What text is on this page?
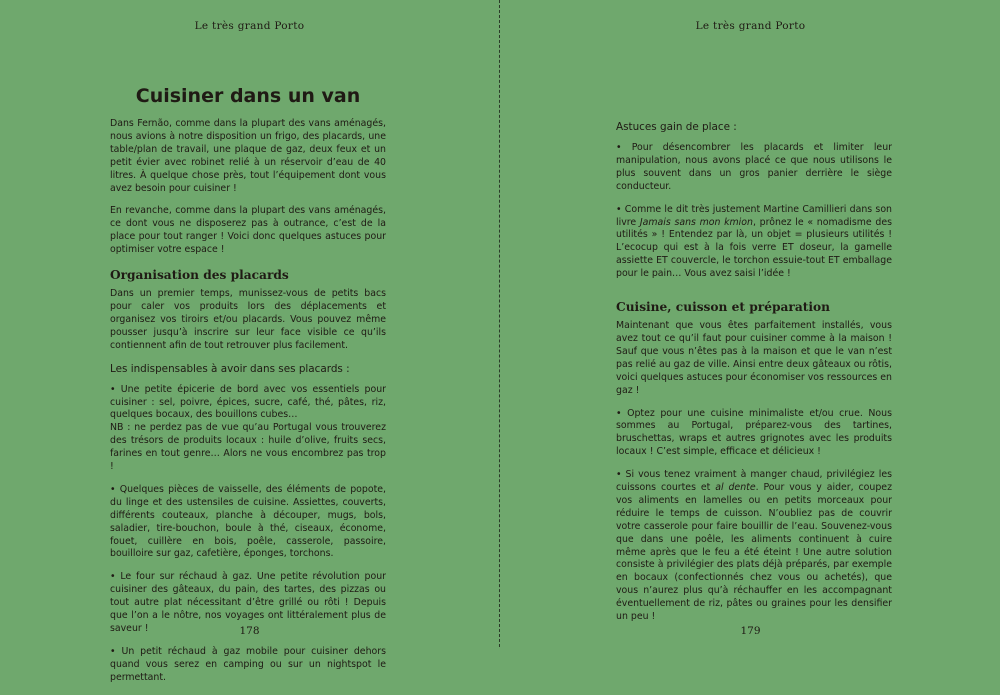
Le très grand Porto
Cuisiner dans un van

Dans Fernão, comme dans la plupart des vans aménagés, nous avions à notre disposition un frigo, des placards, une table/plan de travail, une plaque de gaz, deux feux et un petit évier avec robinet relié à un réservoir d’eau de 40 litres. À quelque chose près, tout l’équipement dont vous avez besoin pour cuisiner !

En revanche, comme dans la plupart des vans aménagés, ce dont vous ne disposerez pas à outrance, c’est de la place pour tout ranger ! Voici donc quelques astuces pour optimiser votre espace !

Organisation des placards

Dans un premier temps, munissez-vous de petits bacs pour caler vos produits lors des déplacements et organisez vos tiroirs et/ou placards. Vous pouvez même pousser jusqu’à inscrire sur leur face visible ce qu’ils contiennent afin de tout retrouver plus facilement.

Les indispensables à avoir dans ses placards :

• Une petite épicerie de bord avec vos essentiels pour cuisiner : sel, poivre, épices, sucre, café, thé, pâtes, riz, quelques bocaux, des bouillons cubes…

NB : ne perdez pas de vue qu’au Portugal vous trouverez des trésors de produits locaux : huile d’olive, fruits secs, farines en tout genre… Alors ne vous encombrez pas trop !

• Quelques pièces de vaisselle, des éléments de popote, du linge et des ustensiles de cuisine. Assiettes, couverts, différents couteaux, planche à découper, mugs, bols, saladier, tire-bouchon, boule à thé, ciseaux, économe, fouet, cuillère en bois, poêle, casserole, passoire, bouilloire sur gaz, cafetière, éponges, torchons.

• Le four sur réchaud à gaz. Une petite révolution pour cuisiner des gâteaux, du pain, des tartes, des pizzas ou tout autre plat nécessitant d’être grillé ou rôti ! Depuis que l’on a le nôtre, nos voyages ont littéralement plus de saveur !

• Un petit réchaud à gaz mobile pour cuisiner dehors quand vous serez en camping ou sur un nightspot le permettant.

178
Le très grand Porto
Astuces gain de place :

• Pour désencombrer les placards et limiter leur manipulation, nous avons placé ce que nous utilisons le plus souvent dans un gros panier derrière le siège conducteur.

• Comme le dit très justement Martine Camillieri dans son livre Jamais sans mon kmion, prônez le « nomadisme des utilités » ! Entendez par là, un objet = plusieurs utilités ! L’ecocup qui est à la fois verre ET doseur, la gamelle assiette ET couvercle, le torchon essuie-tout ET emballage pour le pain… Vous avez saisi l’idée !

Cuisine, cuisson et préparation

Maintenant que vous êtes parfaitement installés, vous avez tout ce qu’il faut pour cuisiner comme à la maison ! Sauf que vous n’êtes pas à la maison et que le van n’est pas relié au gaz de ville. Ainsi entre deux gâteaux ou rôtis, voici quelques astuces pour économiser vos ressources en gaz !

• Optez pour une cuisine minimaliste et/ou crue. Nous sommes au Portugal, préparez-vous des tartines, bruschettas, wraps et autres grignotes avec les produits locaux ! C’est simple, efficace et délicieux !

• Si vous tenez vraiment à manger chaud, privilégiez les cuissons courtes et al dente. Pour vous y aider, coupez vos aliments en lamelles ou en petits morceaux pour réduire le temps de cuisson. N’oubliez pas de couvrir votre casserole pour faire bouillir de l’eau. Souvenez-vous que dans une poêle, les aliments continuent à cuire même après que le feu a été éteint ! Une autre solution consiste à privilégier des plats déjà préparés, par exemple en bocaux (confectionnés chez vous ou achetés), que vous n’aurez plus qu’à réchauffer en les accompagnant éventuellement de riz, pâtes ou graines pour les densifier un peu !

179
